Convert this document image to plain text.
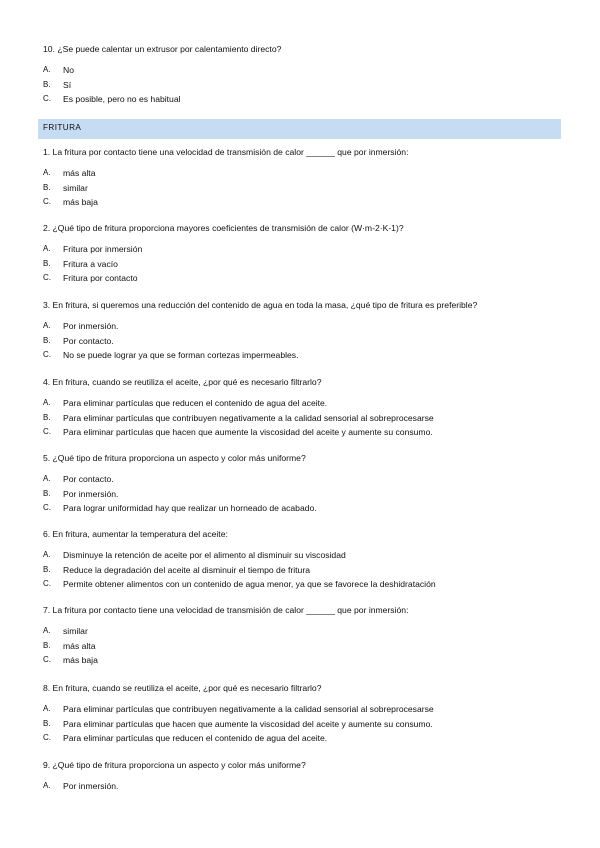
10. ¿Se puede calentar un extrusor por calentamiento directo?

A.	No
B.	Sí
C.	Es posible, pero no es habitual
FRITURA

1. La fritura por contacto tiene una velocidad de transmisión de calor ______ que por inmersión:

A.	más alta
B.	similar
C.	más baja

2. ¿Qué tipo de fritura proporciona mayores coeficientes de transmisión de calor (W·m-2·K-1)?

A.	Fritura por inmersión
B.	Fritura a vacío
C.	Fritura por contacto

3. En fritura, si queremos una reducción del contenido de agua en toda la masa, ¿qué tipo de fritura es preferible?

A.	Por inmersión.
B.	Por contacto.
C.	No se puede lograr ya que se forman cortezas impermeables.

4. En fritura, cuando se reutiliza el aceite, ¿por qué es necesario filtrarlo?

A.	Para eliminar partículas que reducen el contenido de agua del aceite.
B.	Para eliminar partículas que contribuyen negativamente a la calidad sensorial al sobreprocesarse
C.	Para eliminar partículas que hacen que aumente la viscosidad del aceite y aumente su consumo.

5. ¿Qué tipo de fritura proporciona un aspecto y color más uniforme?

A.	Por contacto.
B.	Por inmersión.
C.	Para lograr uniformidad hay que realizar un horneado de acabado.

6. En fritura, aumentar la temperatura del aceite:

A.	Disminuye la retención de aceite por el alimento al disminuir su viscosidad
B.	Reduce la degradación del aceite al disminuir el tiempo de fritura
C.	Permite obtener alimentos con un contenido de agua menor, ya que se favorece la deshidratación

7. La fritura por contacto tiene una velocidad de transmisión de calor ______ que por inmersión:

A.	similar
B.	más alta
C.	más baja

8. En fritura, cuando se reutiliza el aceite, ¿por qué es necesario filtrarlo?

A.	Para eliminar partículas que contribuyen negativamente a la calidad sensorial al sobreprocesarse
B.	Para eliminar partículas que hacen que aumente la viscosidad del aceite y aumente su consumo.
C.	Para eliminar partículas que reducen el contenido de agua del aceite.

9. ¿Qué tipo de fritura proporciona un aspecto y color más uniforme?

A.	Por inmersión.
